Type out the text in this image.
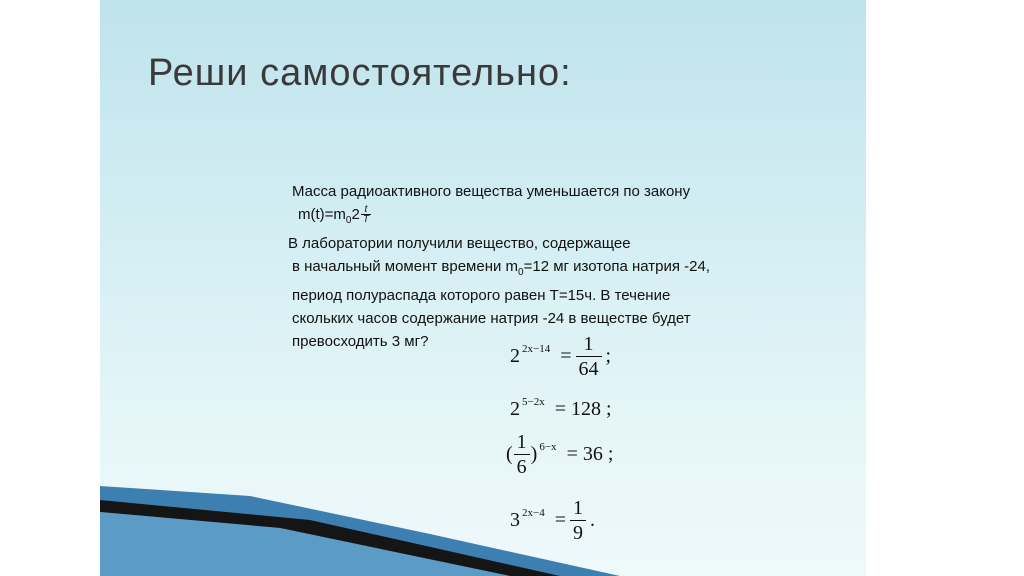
Реши самостоятельно:
Масса радиоактивного вещества уменьшается по закону
$m(t)=m_02 \frac{t}{T}$
В лаборатории получили вещество, содержащее
в начальный момент времени $m_0=12$ мг изотопа натрия -24,
период полураспада которого равен T=15ч. В течение
скольких часов содержание натрия -24 в веществе будет
превосходить 3 мг?
$2^{2x-14} = \frac{1}{64}$ ;
$2^{5-2x} = 128$ ;
( $\frac{1}{6} )^{6-x} = 36$ ;
$3^{2x-4} = \frac{1}{9}$ .
